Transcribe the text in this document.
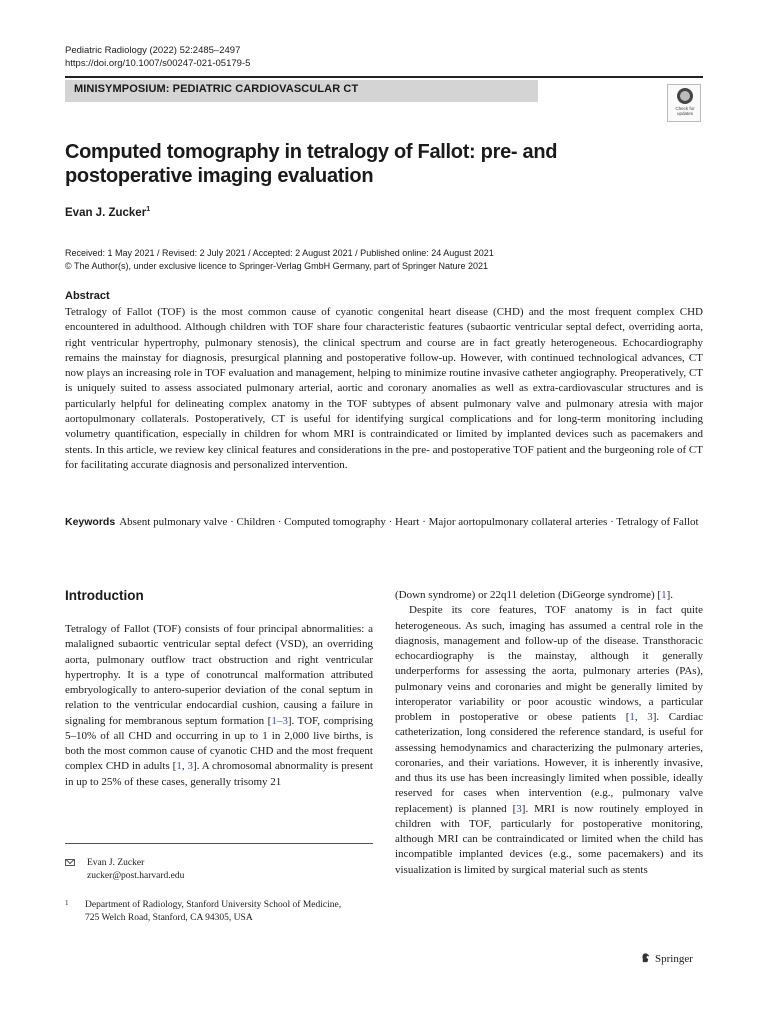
Pediatric Radiology (2022) 52:2485–2497
https://doi.org/10.1007/s00247-021-05179-5
MINISYMPOSIUM: PEDIATRIC CARDIOVASCULAR CT
Check for updates
Computed tomography in tetralogy of Fallot: pre- and postoperative imaging evaluation
Evan J. Zucker$^1$
Received: 1 May 2021 / Revised: 2 July 2021 / Accepted: 2 August 2021 / Published online: 24 August 2021
© The Author(s), under exclusive licence to Springer-Verlag GmbH Germany, part of Springer Nature 2021
Abstract
Tetralogy of Fallot (TOF) is the most common cause of cyanotic congenital heart disease (CHD) and the most frequent complex CHD encountered in adulthood. Although children with TOF share four characteristic features (subaortic ventricular septal defect, overriding aorta, right ventricular hypertrophy, pulmonary stenosis), the clinical spectrum and course are in fact greatly heterogeneous. Echocardiography remains the mainstay for diagnosis, presurgical planning and postoperative follow-up. However, with continued technological advances, CT now plays an increasing role in TOF evaluation and management, helping to minimize routine invasive catheter angiography. Preoperatively, CT is uniquely suited to assess associated pulmonary arterial, aortic and coronary anomalies as well as extra-cardiovascular structures and is particularly helpful for delineating complex anatomy in the TOF subtypes of absent pulmonary valve and pulmonary atresia with major aortopulmonary collaterals. Postoperatively, CT is useful for identifying surgical complications and for long-term monitoring including volumetry quantification, especially in children for whom MRI is contraindicated or limited by implanted devices such as pacemakers and stents. In this article, we review key clinical features and considerations in the pre- and postoperative TOF patient and the burgeoning role of CT for facilitating accurate diagnosis and personalized intervention.
Keywords Absent pulmonary valve · Children · Computed tomography · Heart · Major aortopulmonary collateral arteries · Tetralogy of Fallot
Introduction

Tetralogy of Fallot (TOF) consists of four principal abnormalities: a malaligned subaortic ventricular septal defect (VSD), an overriding aorta, pulmonary outflow tract obstruction and right ventricular hypertrophy. It is a type of conotruncal malformation attributed embryologically to antero-superior deviation of the conal septum in relation to the ventricular endocardial cushion, causing a failure in signaling for membranous septum formation [1–3]. TOF, comprising 5–10% of all CHD and occurring in up to 1 in 2,000 live births, is both the most common cause of cyanotic CHD and the most frequent complex CHD in adults [1, 3]. A chromosomal abnormality is present in up to 25% of these cases, generally trisomy 21

(Down syndrome) or 22q11 deletion (DiGeorge syndrome) [1].

Despite its core features, TOF anatomy is in fact quite heterogeneous. As such, imaging has assumed a central role in the diagnosis, management and follow-up of the disease. Transthoracic echocardiography is the mainstay, although it generally underperforms for assessing the aorta, pulmonary arteries (PAs), pulmonary veins and coronaries and might be generally limited by interoperator variability or poor acoustic windows, a particular problem in postoperative or obese patients [1, 3]. Cardiac catheterization, long considered the reference standard, is useful for assessing hemodynamics and characterizing the pulmonary arteries, coronaries, and their variations. However, it is inherently invasive, and thus its use has been increasingly limited when possible, ideally reserved for cases when intervention (e.g., pulmonary valve replacement) is planned [3]. MRI is now routinely employed in children with TOF, particularly for postoperative monitoring, although MRI can be contraindicated or limited when the child has incompatible implanted devices (e.g., some pacemakers) and its visualization is limited by surgical material such as stents

Evan J. Zucker
zucker@post.harvard.edu
1 Department of Radiology, Stanford University School of Medicine,
725 Welch Road, Stanford, CA 94305, USA
Springer
